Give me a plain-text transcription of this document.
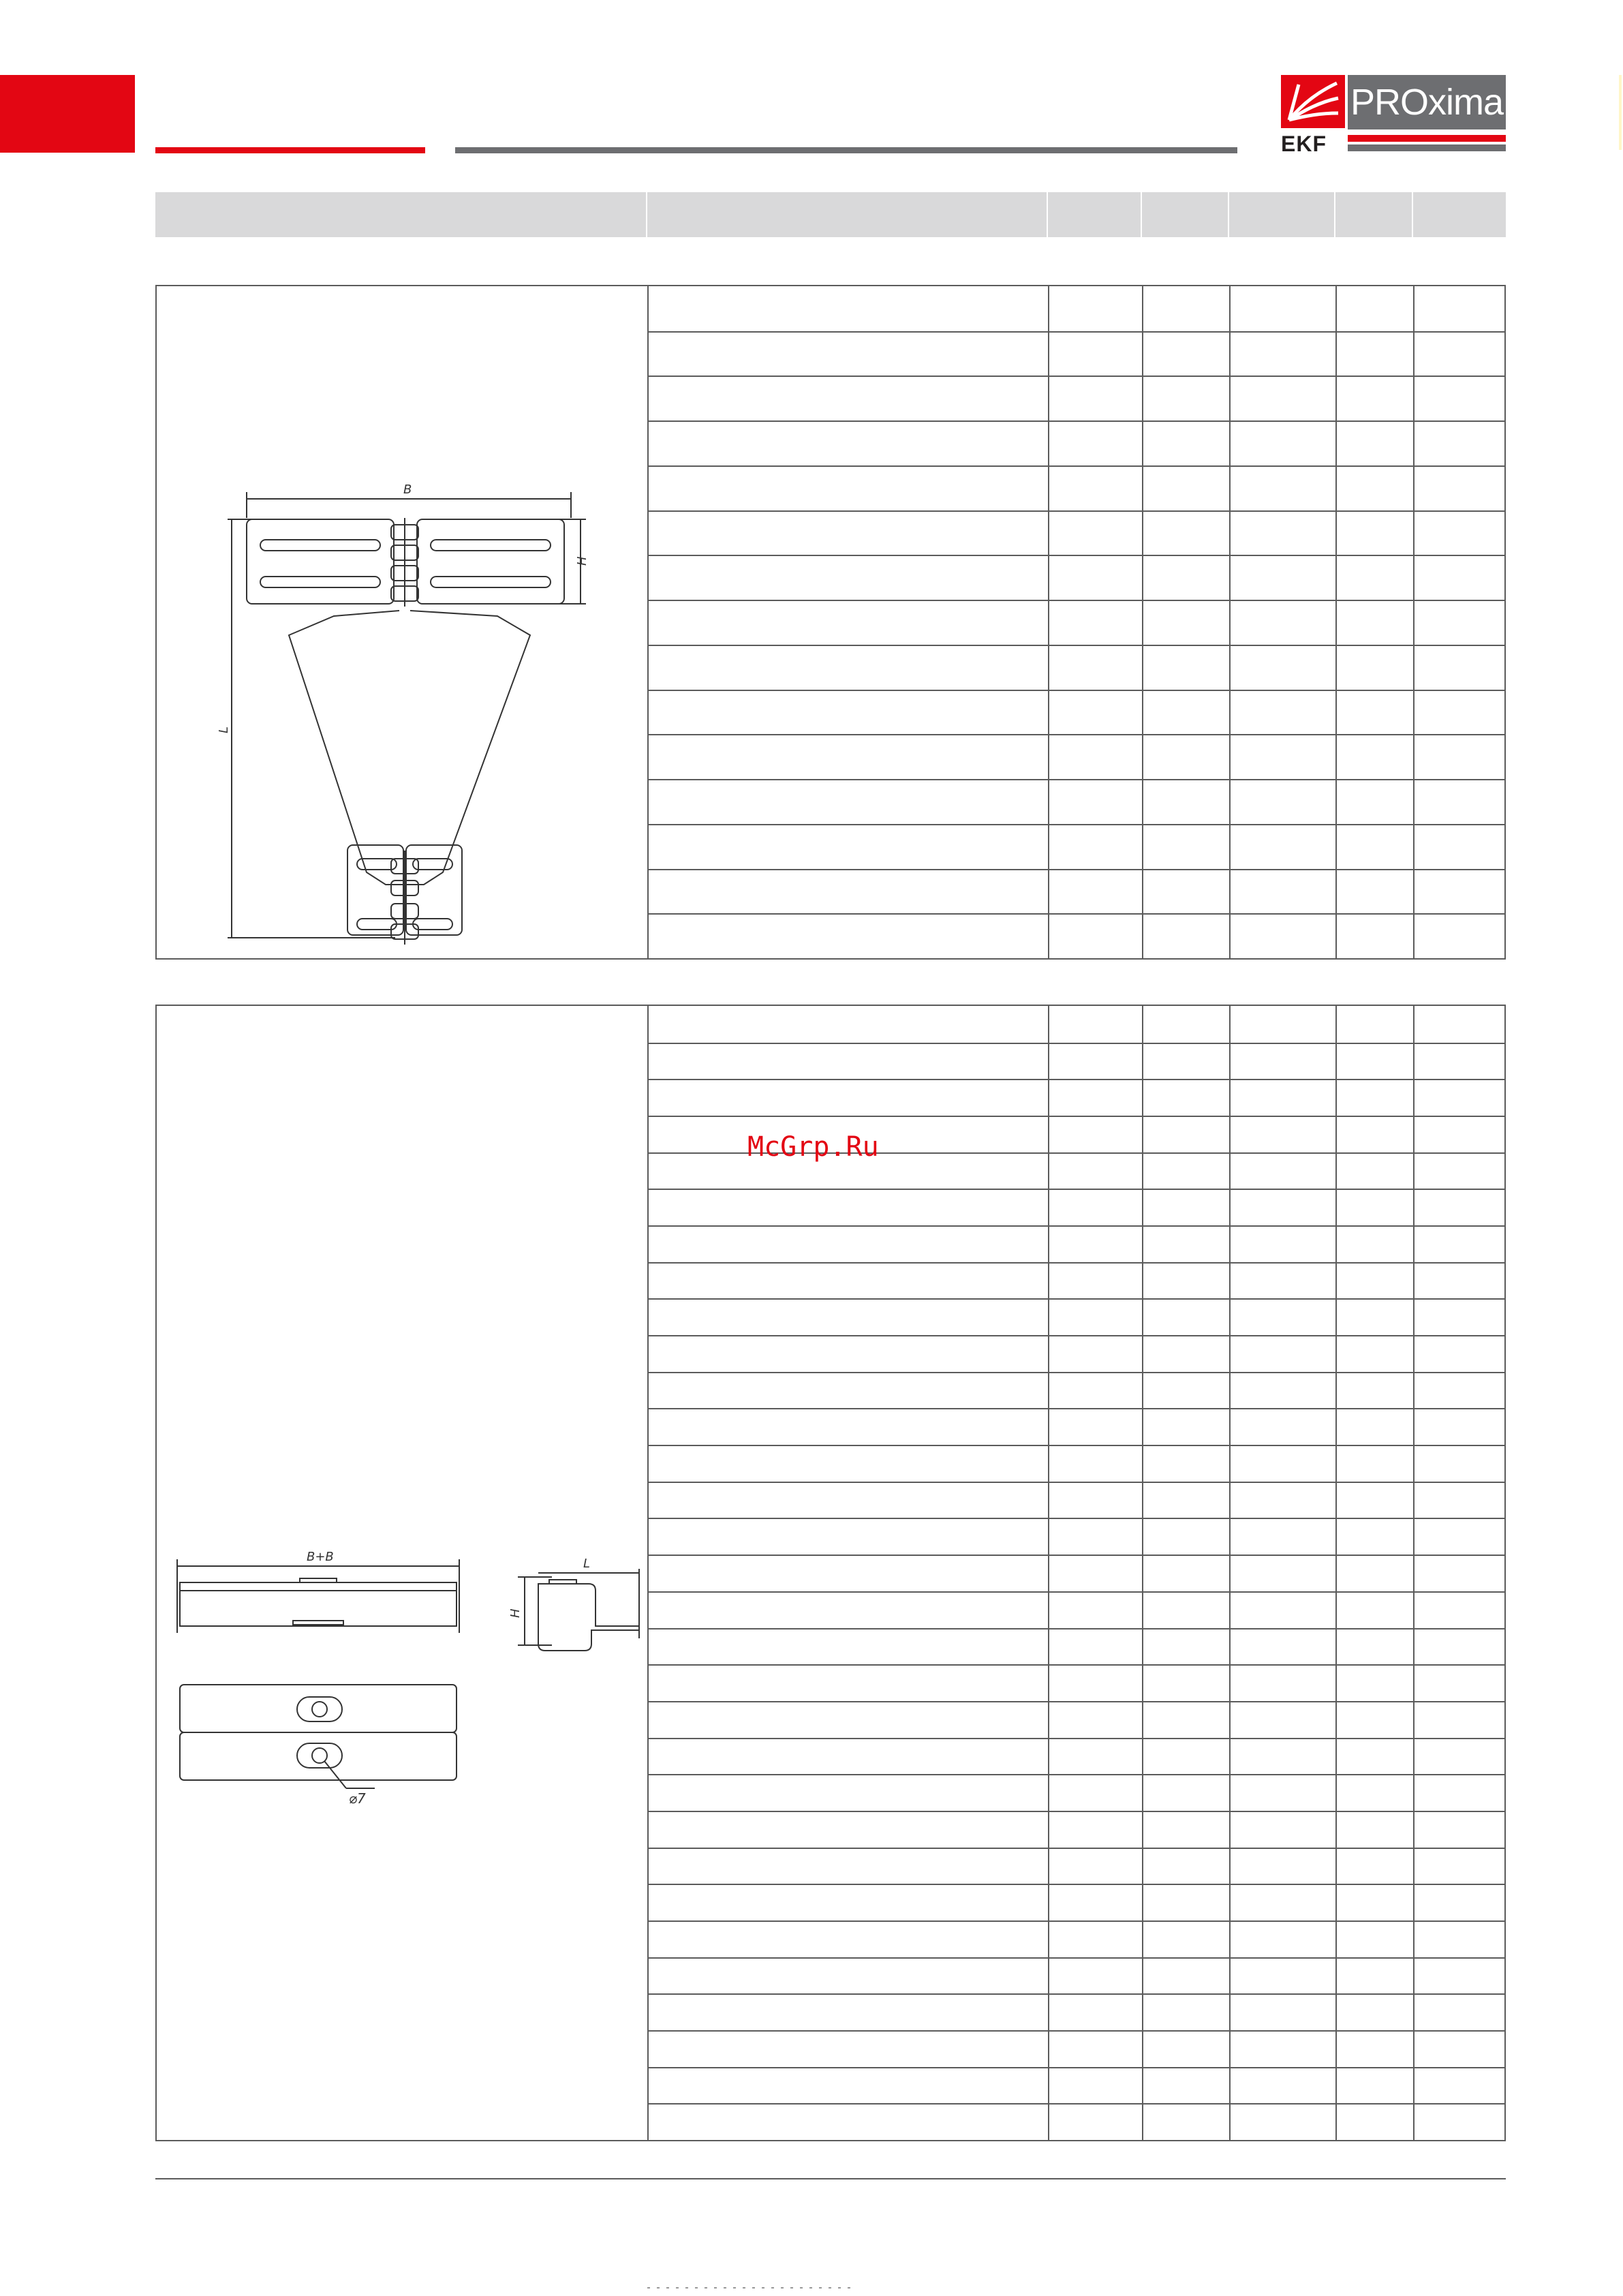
PROxima
EKF
B
H
L
B+B	L
H
⌀7
McGrp.Ru
